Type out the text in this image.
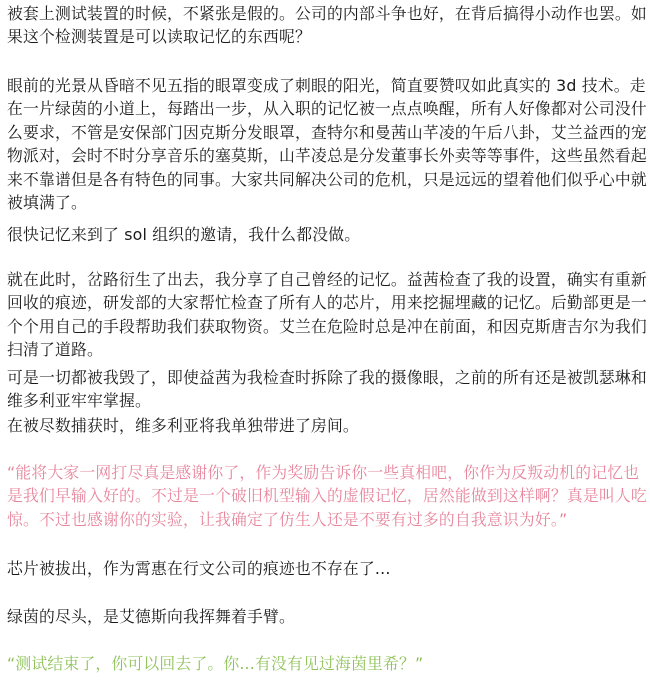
被套上测试装置的时候，不紧张是假的。公司的内部斗争也好，在背后搞得小动作也罢。如果这个检测装置是可以读取记忆的东西呢？

眼前的光景从昏暗不见五指的眼罩变成了刺眼的阳光，简直要赞叹如此真实的 3d 技术。走在一片绿茵的小道上，每踏出一步，从入职的记忆被一点点唤醒，所有人好像都对公司没什么要求，不管是安保部门因克斯分发眼罩，查特尔和曼茜山芊凌的午后八卦，艾兰益西的宠物派对，会时不时分享音乐的塞莫斯，山芊凌总是分发董事长外卖等等事件，这些虽然看起来不靠谱但是各有特色的同事。大家共同解决公司的危机，只是远远的望着他们似乎心中就被填满了。

很快记忆来到了 sol 组织的邀请，我什么都没做。

就在此时，岔路衍生了出去，我分享了自己曾经的记忆。益茜检查了我的设置，确实有重新回收的痕迹，研发部的大家帮忙检查了所有人的芯片，用来挖掘埋藏的记忆。后勤部更是一个个用自己的手段帮助我们获取物资。艾兰在危险时总是冲在前面，和因克斯唐吉尔为我们扫清了道路。

可是一切都被我毁了，即使益茜为我检查时拆除了我的摄像眼，之前的所有还是被凯瑟琳和维多利亚牢牢掌握。

在被尽数捕获时，维多利亚将我单独带进了房间。

“能将大家一网打尽真是感谢你了，作为奖励告诉你一些真相吧，你作为反叛动机的记忆也是我们早输入好的。不过是一个破旧机型输入的虚假记忆，居然能做到这样啊？真是叫人吃惊。不过也感谢你的实验，让我确定了仿生人还是不要有过多的自我意识为好。”

芯片被拔出，作为霄惠在行文公司的痕迹也不存在了...

绿茵的尽头，是艾德斯向我挥舞着手臂。

“测试结束了，你可以回去了。你...有没有见过海茵里希？”
